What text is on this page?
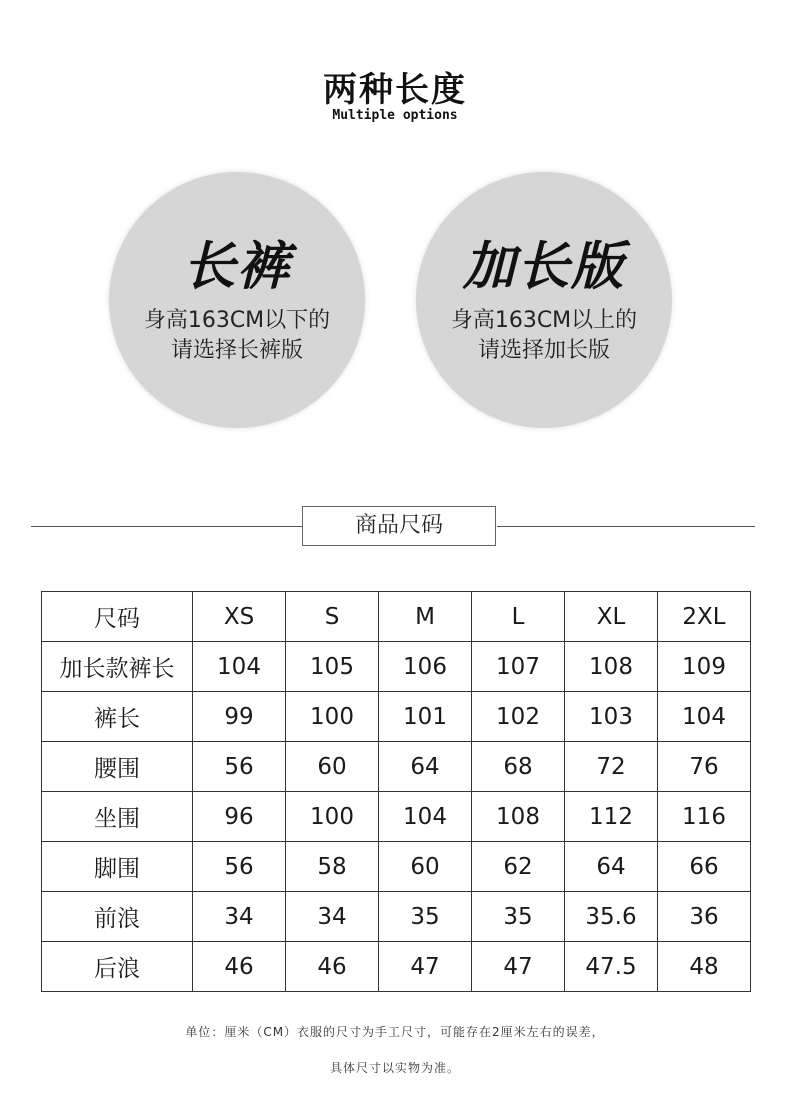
两种长度
Multiple options
长裤
身高163CM以下的
请选择长裤版
加长版
身高163CM以上的
请选择加长版
商品尺码
尺码	XS	S	M	L	XL	2XL
加长款裤长	104	105	106	107	108	109
裤长	99	100	101	102	103	104
腰围	56	60	64	68	72	76
坐围	96	100	104	108	112	116
脚围	56	58	60	62	64	66
前浪	34	34	35	35	35.6	36
后浪	46	46	47	47	47.5	48
单位：厘米（CM）衣服的尺寸为手工尺寸，可能存在2厘米左右的误差，
具体尺寸以实物为准。
